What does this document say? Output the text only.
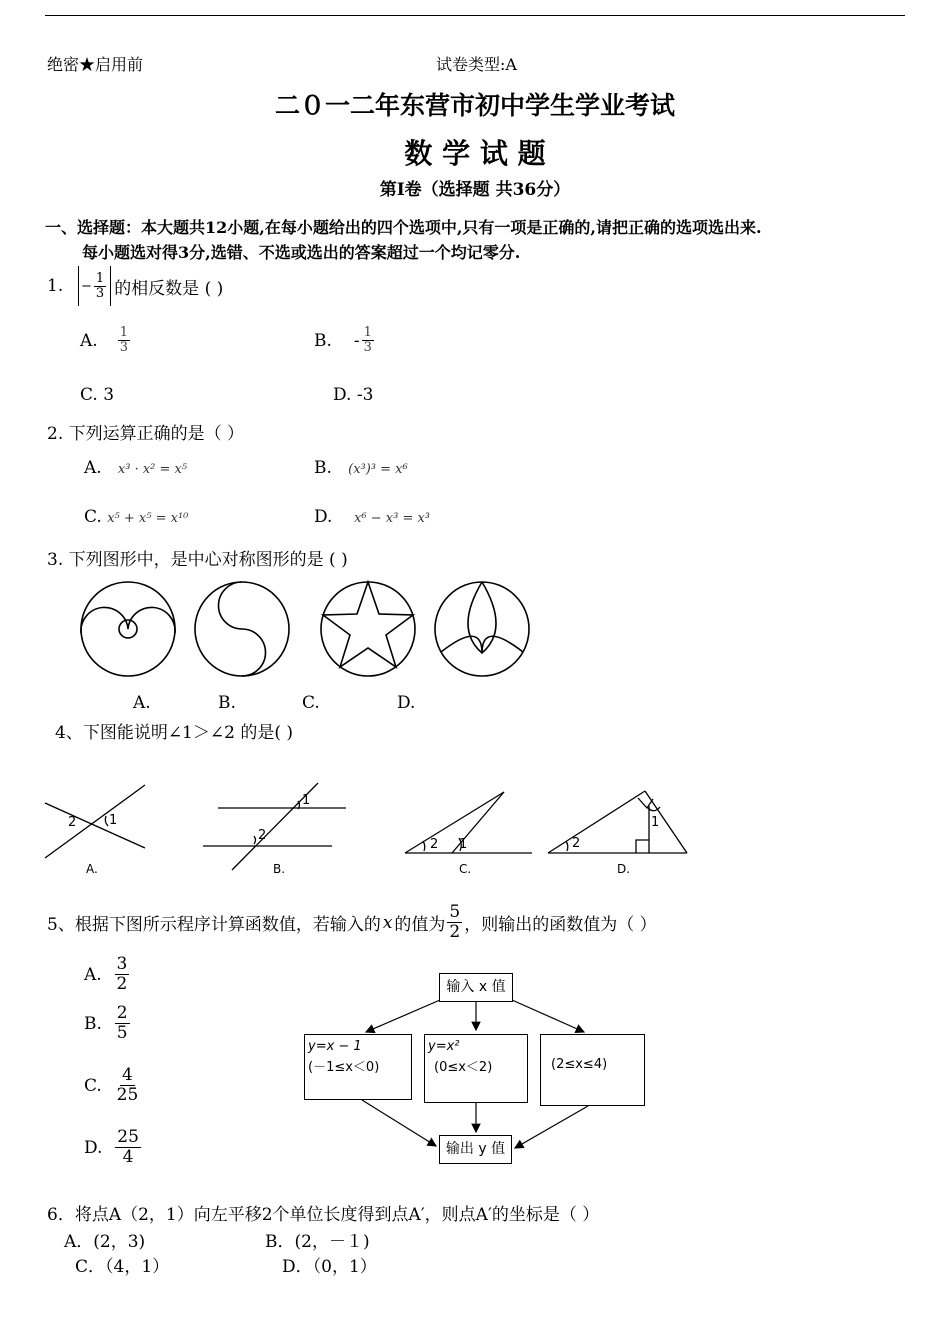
绝密★启用前	试卷类型:A
二０一二年东营市初中学生学业考试
数 学 试 题
第Ⅰ卷（选择题 共36分）
一、选择题：本大题共12小题,在每小题给出的四个选项中,只有一项是正确的,请把正确的选项选出来.
每小题选对得3分,选错、不选或选出的答案超过一个均记零分.
1. − $\frac{1}{3}$ 的相反数是 ( )
A. $\frac{1}{3}$	B. - $\frac{1}{3}$
C. 3	D. -3
2. 下列运算正确的是（ ）
A. x³ · x² = x⁵	B. (x³)³ = x⁶
C. x⁵ + x⁵ = x¹⁰	D. x⁶ − x³ = x³
3. 下列图形中，是中心对称图形的是 ( )
A.	B.	C.	D.
4、下图能说明∠1＞∠2 的是( )
2	1
1
2
2 1	2
1
A.	B.	C.	D.
5、根据下图所示程序计算函数值，若输入的 x 的值为 $\frac{5}{2}$ ，则输出的函数值为（ ）
A.
$\frac{3}{2}$
B.
$\frac{2}{5}$
C.
$\frac{4}{25}$
D.
$\frac{25}{4}$
输入 x 值
y=x − 1
(－1≤x＜0)
y=x²
(0≤x＜2)	(2≤x≤4)
输出 y 值
6．将点A（2，1）向左平移2个单位长度得到点A′，则点A′的坐标是（ ）
A．(2，3)	B．(2，－１)
C．（4，1）	D．（0，1）
